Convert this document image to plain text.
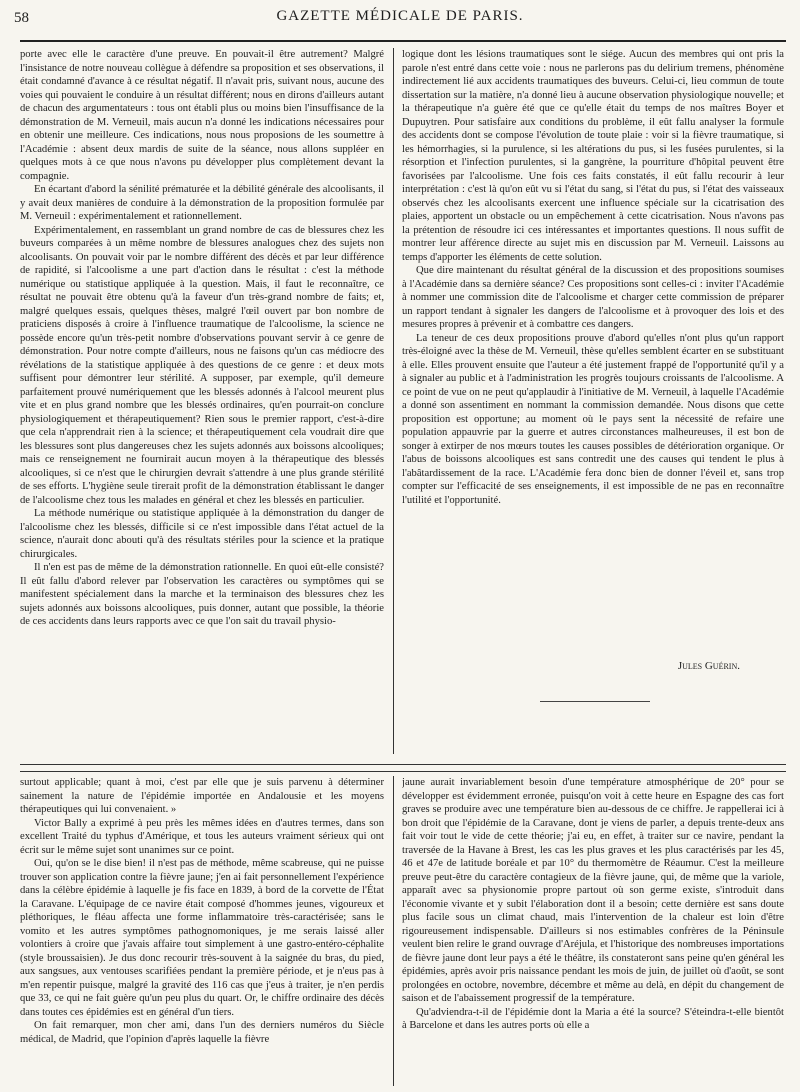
58	GAZETTE MÉDICALE DE PARIS.

porte avec elle le caractère d'une preuve. En pouvait-il être autrement? Malgré l'insistance de notre nouveau collègue à défendre sa proposition et ses observations, il était condamné d'avance à ce résultat négatif. Il n'avait pris, suivant nous, aucune des voies qui pouvaient le conduire à un résultat différent; nous en dirons d'ailleurs autant de chacun des argumentateurs : tous ont établi plus ou moins bien l'insuffisance de la démonstration de M. Verneuil, mais aucun n'a donné les indications nécessaires pour en obtenir une meilleure. Ces indications, nous nous proposions de les soumettre à l'Académie : absent deux mardis de suite de la séance, nous allons suppléer en quelques mots à ce que nous n'avons pu développer plus complètement devant la compagnie.

En écartant d'abord la sénilité prématurée et la débilité générale des alcoolisants, il y avait deux manières de conduire à la démonstration de la proposition formulée par M. Verneuil : expérimentalement et rationnellement.

Expérimentalement, en rassemblant un grand nombre de cas de blessures chez les buveurs comparées à un même nombre de blessures analogues chez des sujets non alcoolisants. On pouvait voir par le nombre différent des décès et par leur différence de rapidité, si l'alcoolisme a une part d'action dans le résultat : c'est la méthode numérique ou statistique appliquée à la question. Mais, il faut le reconnaître, ce résultat ne pouvait être obtenu qu'à la faveur d'un très-grand nombre de faits; et, malgré quelques essais, quelques thèses, malgré l'œil ouvert par bon nombre de praticiens disposés à croire à l'influence traumatique de l'alcoolisme, la science ne possède encore qu'un très-petit nombre d'observations pouvant servir à ce genre de démonstration. Pour notre compte d'ailleurs, nous ne faisons qu'un cas médiocre des révélations de la statistique appliquée à des questions de ce genre : et deux mots suffisent pour démontrer leur stérilité. A supposer, par exemple, qu'il demeure parfaitement prouvé numériquement que les blessés adonnés à l'alcool meurent plus vite et en plus grand nombre que les blessés ordinaires, qu'en pourrait-on conclure physiologiquement et thérapeutiquement? Rien sous le premier rapport, c'est-à-dire que cela n'apprendrait rien à la science; et thérapeutiquement cela voudrait dire que les blessures sont plus dangereuses chez les sujets adonnés aux boissons alcooliques; mais ce renseignement ne fournirait aucun moyen à la thérapeutique des blessés alcooliques, si ce n'est que le chirurgien devrait s'attendre à une plus grande stérilité de ses efforts. L'hygiène seule tirerait profit de la démonstration établissant le danger de l'alcoolisme chez tous les malades en général et chez les blessés en particulier.

La méthode numérique ou statistique appliquée à la démonstration du danger de l'alcoolisme chez les blessés, difficile si ce n'est impossible dans l'état actuel de la science, n'aurait donc abouti qu'à des résultats stériles pour la science et la pratique chirurgicales.

Il n'en est pas de même de la démonstration rationnelle. En quoi eût-elle consisté? Il eût fallu d'abord relever par l'observation les caractères ou symptômes qui se manifestent spécialement dans la marche et la terminaison des blessures chez les sujets adonnés aux boissons alcooliques, puis donner, autant que possible, la théorie de ces accidents dans leurs rapports avec ce que l'on sait du travail physio-

logique dont les lésions traumatiques sont le siége. Aucun des membres qui ont pris la parole n'est entré dans cette voie : nous ne parlerons pas du delirium tremens, phénomène indirectement lié aux accidents traumatiques des buveurs. Celui-ci, lieu commun de toute dissertation sur la matière, n'a donné lieu à aucune observation physiologique nouvelle; et la thérapeutique n'a guère été que ce qu'elle était du temps de nos maîtres Boyer et Dupuytren. Pour satisfaire aux conditions du problème, il eût fallu analyser la formule des accidents dont se compose l'évolution de toute plaie : voir si la fièvre traumatique, si les hémorrhagies, si la purulence, si les altérations du pus, si les fusées purulentes, si la résorption et l'infection purulentes, si la gangrène, la pourriture d'hôpital peuvent être favorisées par l'alcoolisme. Une fois ces faits constatés, il eût fallu recourir à leur interprétation : c'est là qu'on eût vu si l'état du sang, si l'état du pus, si l'état des vaisseaux observés chez les alcoolisants exercent une influence spéciale sur la cicatrisation des plaies, apportent un obstacle ou un empêchement à cette cicatrisation. Nous n'avons pas la prétention de résoudre ici ces intéressantes et importantes questions. Il nous suffit de montrer leur afférence directe au sujet mis en discussion par M. Verneuil. Laissons au temps d'apporter les éléments de cette solution.

Que dire maintenant du résultat général de la discussion et des propositions soumises à l'Académie dans sa dernière séance? Ces propositions sont celles-ci : inviter l'Académie à nommer une commission dite de l'alcoolisme et charger cette commission de préparer un rapport tendant à signaler les dangers de l'alcoolisme et à provoquer des lois et des mesures propres à prévenir et à combattre ces dangers.

La teneur de ces deux propositions prouve d'abord qu'elles n'ont plus qu'un rapport très-éloigné avec la thèse de M. Verneuil, thèse qu'elles semblent écarter en se substituant à elle. Elles prouvent ensuite que l'auteur a été justement frappé de l'opportunité qu'il y a à signaler au public et à l'administration les progrès toujours croissants de l'alcoolisme. A ce point de vue on ne peut qu'applaudir à l'initiative de M. Verneuil, à laquelle l'Académie a donné son assentiment en nommant la commission demandée. Nous disons que cette proposition est opportune; au moment où le pays sent la nécessité de refaire une population appauvrie par la guerre et autres circonstances malheureuses, il est bon de songer à extirper de nos mœurs toutes les causes possibles de détérioration organique. Or l'abus de boissons alcooliques est sans contredit une des causes qui tendent le plus à l'abâtardissement de la race. L'Académie fera donc bien de donner l'éveil et, sans trop compter sur l'efficacité de ses enseignements, il est impossible de ne pas en reconnaître l'utilité et l'opportunité.

Jules Guérin.

surtout applicable; quant à moi, c'est par elle que je suis parvenu à déterminer sainement la nature de l'épidémie importée en Andalousie et les moyens thérapeutiques qui lui convenaient. »

Victor Bally a exprimé à peu près les mêmes idées en d'autres termes, dans son excellent Traité du typhus d'Amérique, et tous les auteurs vraiment sérieux qui ont écrit sur le même sujet sont unanimes sur ce point.

Oui, qu'on se le dise bien! il n'est pas de méthode, même scabreuse, qui ne puisse trouver son application contre la fièvre jaune; j'en ai fait personnellement l'expérience dans la célèbre épidémie à laquelle je fis face en 1839, à bord de la corvette de l'État la Caravane. L'équipage de ce navire était composé d'hommes jeunes, vigoureux et pléthoriques, le fléau affecta une forme inflammatoire très-caractérisée; sans le vomito et les autres symptômes pathognomoniques, je me serais laissé aller volontiers à croire que j'avais affaire tout simplement à une gastro-entéro-céphalite (style broussaisien). Je dus donc recourir très-souvent à la saignée du bras, du pied, aux sangsues, aux ventouses scarifiées pendant la première période, et je n'eus pas à m'en repentir puisque, malgré la gravité des 116 cas que j'eus à traiter, je n'en perdis que 33, ce qui ne fait guère qu'un peu plus du quart. Or, le chiffre ordinaire des décès dans toutes ces épidémies est en général d'un tiers.

On fait remarquer, mon cher ami, dans l'un des derniers numéros du Siècle médical, de Madrid, que l'opinion d'après laquelle la fièvre

jaune aurait invariablement besoin d'une température atmosphérique de 20° pour se développer est évidemment erronée, puisqu'on voit à cette heure en Espagne des cas fort graves se produire avec une température bien au-dessous de ce chiffre. Je rappellerai ici à bon droit que l'épidémie de la Caravane, dont je viens de parler, a depuis trente-deux ans fait voir tout le vide de cette théorie; j'ai eu, en effet, à traiter sur ce navire, pendant la traversée de la Havane à Brest, les cas les plus graves et les plus caractérisés par les 45, 46 et 47e de latitude boréale et par 10° du thermomètre de Réaumur. C'est la meilleure preuve peut-être du caractère contagieux de la fièvre jaune, qui, de même que la variole, apparaît avec sa physionomie propre partout où son germe existe, s'introduit dans l'économie vivante et y subit l'élaboration dont il a besoin; cette dernière est sans doute plus facile sous un climat chaud, mais l'intervention de la chaleur est loin d'être rigoureusement indispensable. D'ailleurs si nos estimables confrères de la Péninsule veulent bien relire le grand ouvrage d'Aréjula, et l'historique des nombreuses importations de fièvre jaune dont leur pays a été le théâtre, ils constateront sans peine qu'en général les épidémies, après avoir pris naissance pendant les mois de juin, de juillet où d'août, se sont prolongées en octobre, novembre, décembre et même au delà, en dépit du changement de saison et de l'abaissement progressif de la température.

Qu'adviendra-t-il de l'épidémie dont la Maria a été la source? S'éteindra-t-elle bientôt à Barcelone et dans les autres ports où elle a
